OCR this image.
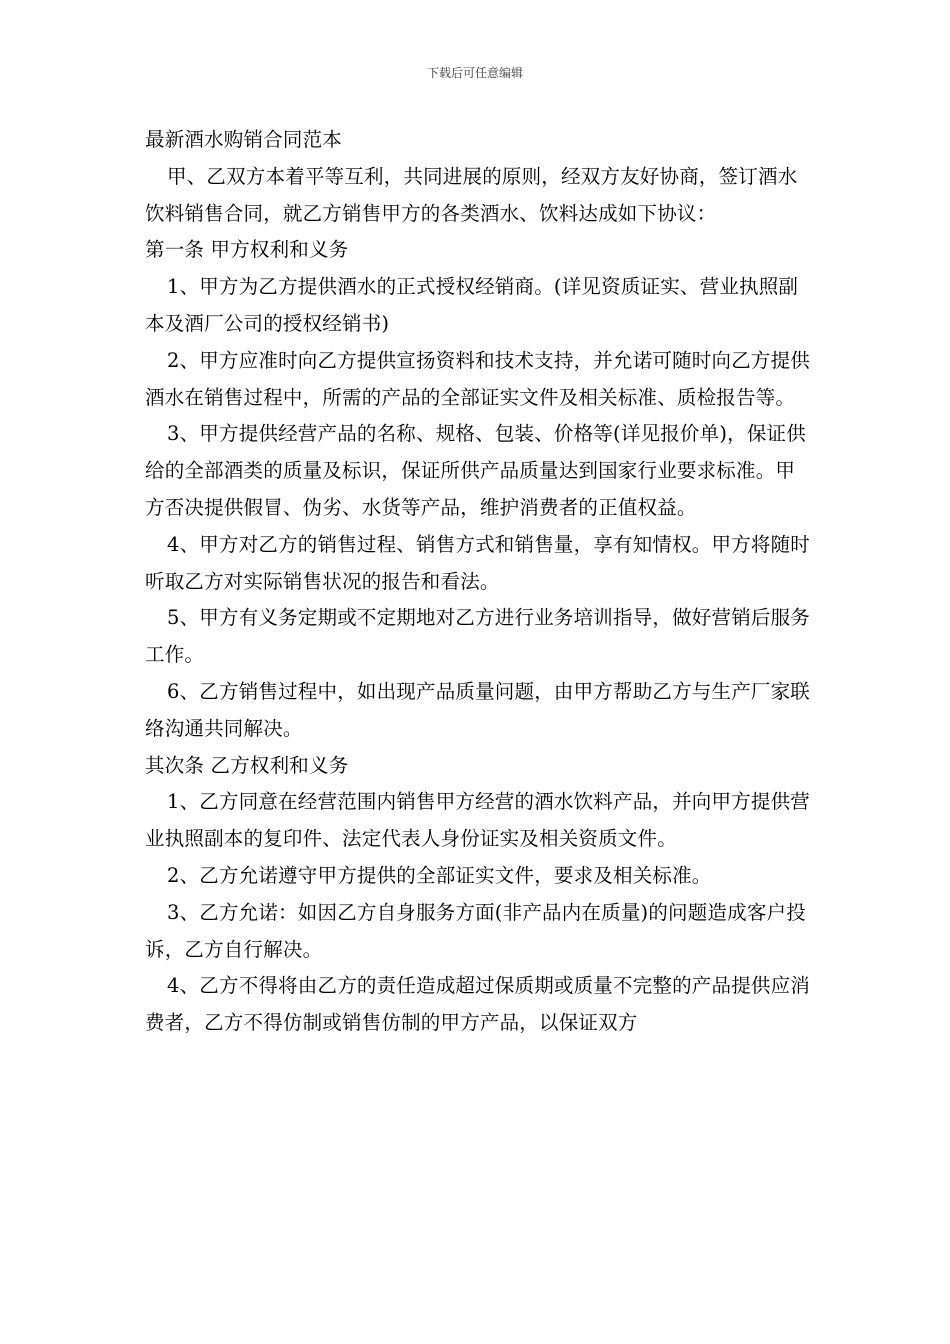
下载后可任意编辑

最新酒水购销合同范本

甲、乙双方本着平等互利，共同进展的原则，经双方友好协商，签订酒水饮料销售合同，就乙方销售甲方的各类酒水、饮料达成如下协议：

第一条 甲方权利和义务

1、甲方为乙方提供酒水的正式授权经销商。(详见资质证实、营业执照副本及酒厂公司的授权经销书)

2、甲方应准时向乙方提供宣扬资料和技术支持，并允诺可随时向乙方提供酒水在销售过程中，所需的产品的全部证实文件及相关标准、质检报告等。

3、甲方提供经营产品的名称、规格、包装、价格等(详见报价单)，保证供给的全部酒类的质量及标识，保证所供产品质量达到国家行业要求标准。甲方否决提供假冒、伪劣、水货等产品，维护消费者的正值权益。

4、甲方对乙方的销售过程、销售方式和销售量，享有知情权。甲方将随时听取乙方对实际销售状况的报告和看法。

5、甲方有义务定期或不定期地对乙方进行业务培训指导，做好营销后服务工作。

6、乙方销售过程中，如出现产品质量问题，由甲方帮助乙方与生产厂家联络沟通共同解决。

其次条 乙方权利和义务

1、乙方同意在经营范围内销售甲方经营的酒水饮料产品，并向甲方提供营业执照副本的复印件、法定代表人身份证实及相关资质文件。

2、乙方允诺遵守甲方提供的全部证实文件，要求及相关标准。

3、乙方允诺：如因乙方自身服务方面(非产品内在质量)的问题造成客户投诉，乙方自行解决。

4、乙方不得将由乙方的责任造成超过保质期或质量不完整的产品提供应消费者，乙方不得仿制或销售仿制的甲方产品，以保证双方
